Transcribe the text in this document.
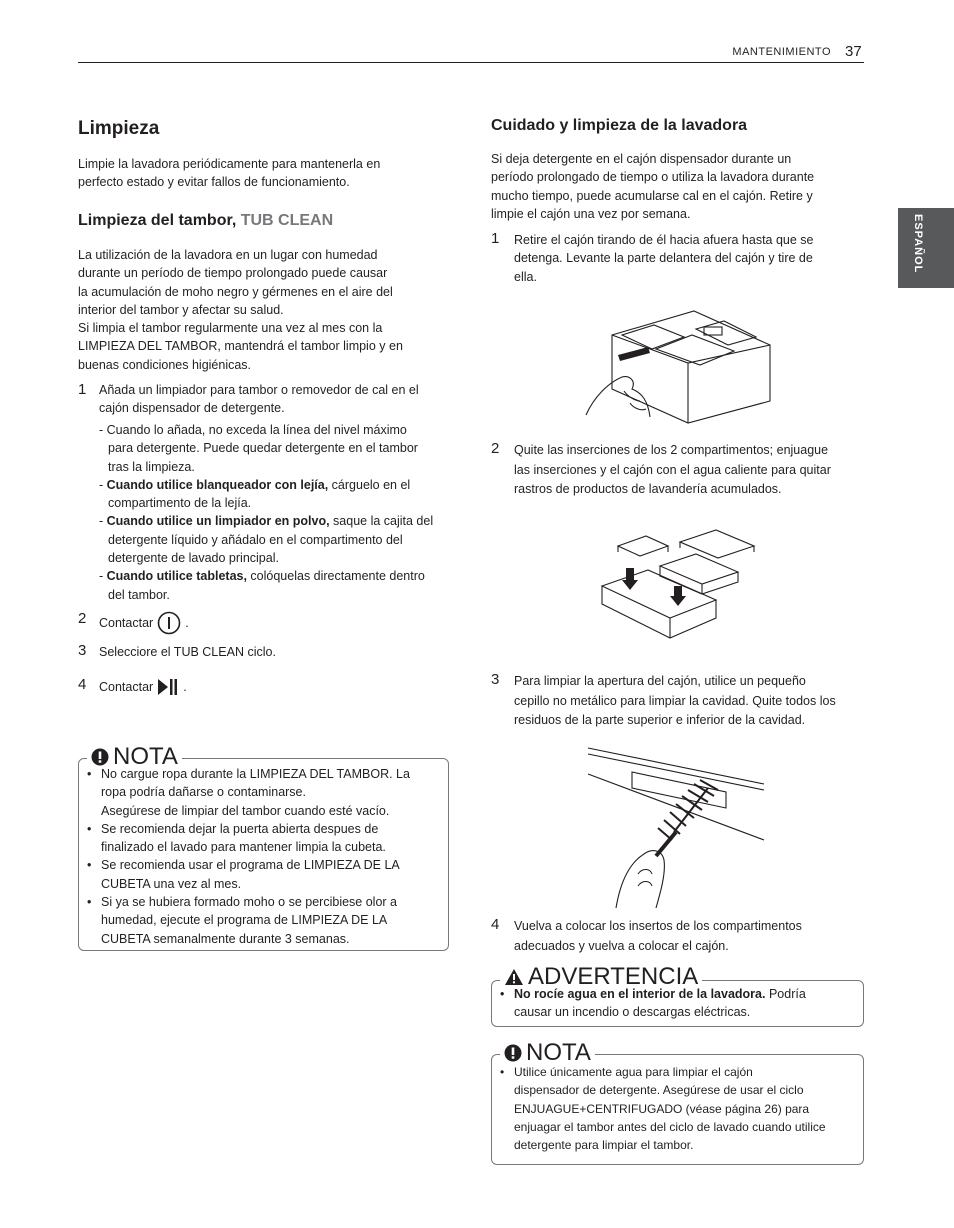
MANTENIMIENTO 37
ESPAÑOL
Limpieza
Limpie la lavadora periódicamente para mantenerla en
perfecto estado y evitar fallos de funcionamiento.
Limpieza del tambor, TUB CLEAN
La utilización de la lavadora en un lugar con humedad
durante un período de tiempo prolongado puede causar
la acumulación de moho negro y gérmenes en el aire del
interior del tambor y afectar su salud.
Si limpia el tambor regularmente una vez al mes con la
LIMPIEZA DEL TAMBOR, mantendrá el tambor limpio y en
buenas condiciones higiénicas.
1 Añada un limpiador para tambor o removedor de cal en el
cajón dispensador de detergente.
- Cuando lo añada, no exceda la línea del nivel máximo
para detergente. Puede quedar detergente en el tambor
tras la limpieza.
- Cuando utilice blanqueador con lejía, cárguelo en el
compartimento de la lejía.
- Cuando utilice un limpiador en polvo, saque la cajita del
detergente líquido y añádalo en el compartimento del
detergente de lavado principal.
- Cuando utilice tabletas, colóquelas directamente dentro
del tambor.
2 Contactar	.
3 Selecciore el TUB CLEAN ciclo.
4 Contactar .
NOTA
• No cargue ropa durante la LIMPIEZA DEL TAMBOR. La
ropa podría dañarse o contaminarse.
Asegúrese de limpiar del tambor cuando esté vacío.
• Se recomienda dejar la puerta abierta despues de
finalizado el lavado para mantener limpia la cubeta.
• Se recomienda usar el programa de LIMPIEZA DE LA
CUBETA una vez al mes.
• Si ya se hubiera formado moho o se percibiese olor a
humedad, ejecute el programa de LIMPIEZA DE LA
CUBETA semanalmente durante 3 semanas.
Cuidado y limpieza de la lavadora
Si deja detergente en el cajón dispensador durante un
período prolongado de tiempo o utiliza la lavadora durante
mucho tiempo, puede acumularse cal en el cajón. Retire y
limpie el cajón una vez por semana.
1 Retire el cajón tirando de él hacia afuera hasta que se
detenga. Levante la parte delantera del cajón y tire de
ella.
2 Quite las inserciones de los 2 compartimentos; enjuague
las inserciones y el cajón con el agua caliente para quitar
rastros de productos de lavandería acumulados.
3 Para limpiar la apertura del cajón, utilice un pequeño
cepillo no metálico para limpiar la cavidad. Quite todos los
residuos de la parte superior e inferior de la cavidad.
4 Vuelva a colocar los insertos de los compartimentos
adecuados y vuelva a colocar el cajón.
ADVERTENCIA
• No rocíe agua en el interior de la lavadora. Podría
causar un incendio o descargas eléctricas.
NOTA
• Utilice únicamente agua para limpiar el cajón
dispensador de detergente. Asegúrese de usar el ciclo
ENJUAGUE+CENTRIFUGADO (véase página 26) para
enjuagar el tambor antes del ciclo de lavado cuando utilice
detergente para limpiar el tambor.
